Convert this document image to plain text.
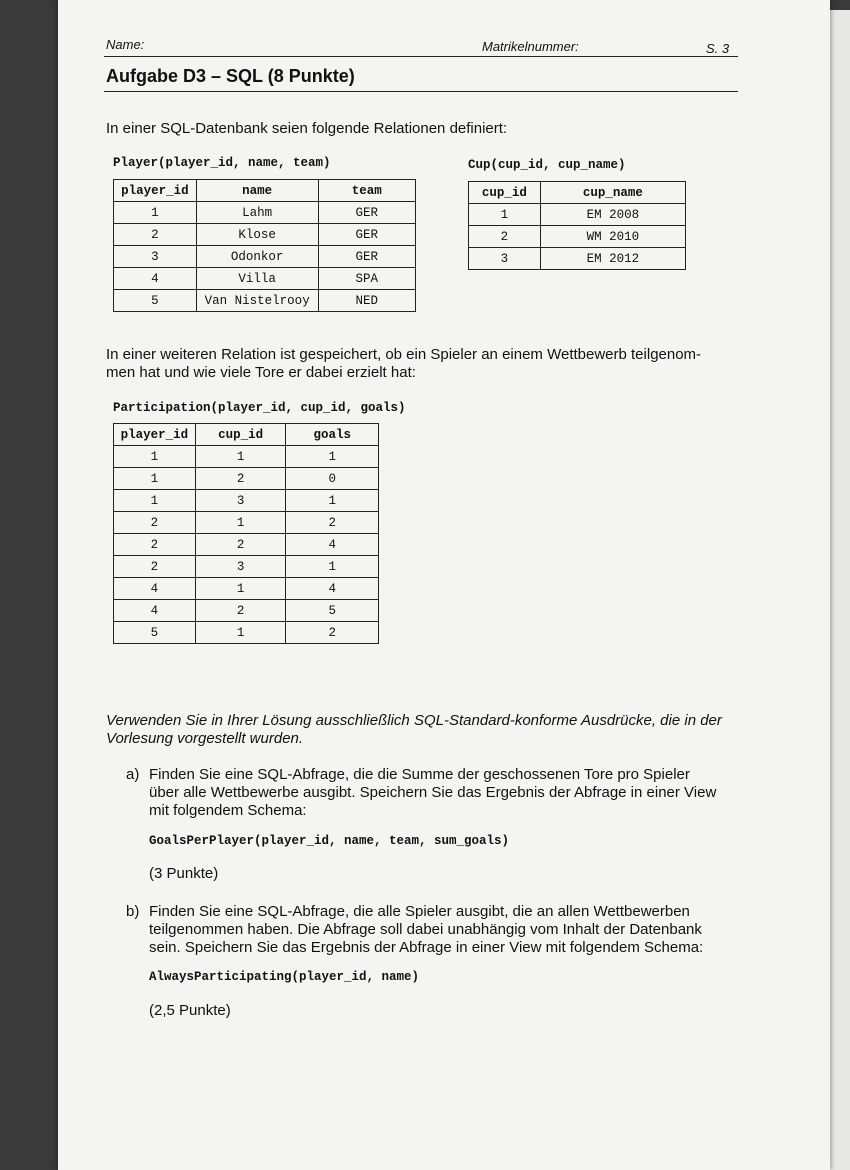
Name:	Matrikelnummer:	S. 3
Aufgabe D3 – SQL (8 Punkte)
In einer SQL-Datenbank seien folgende Relationen definiert:
Player(player_id, name, team)	Cup(cup_id, cup_name)
player_id	name	team
1	Lahm	GER
2	Klose	GER
3	Odonkor	GER
4	Villa	SPA
5	Van Nistelrooy	NED
cup_id	cup_name
1	EM 2008
2	WM 2010
3	EM 2012
In einer weiteren Relation ist gespeichert, ob ein Spieler an einem Wettbewerb teilgenom-
men hat und wie viele Tore er dabei erzielt hat:
Participation(player_id, cup_id, goals)
player_id	cup_id	goals
1	1	1
1	2	0
1	3	1
2	1	2
2	2	4
2	3	1
4	1	4
4	2	5
5	1	2
Verwenden Sie in Ihrer Lösung ausschließlich SQL-Standard-konforme Ausdrücke, die in der
Vorlesung vorgestellt wurden.
a) Finden Sie eine SQL-Abfrage, die die Summe der geschossenen Tore pro Spieler
über alle Wettbewerbe ausgibt. Speichern Sie das Ergebnis der Abfrage in einer View
mit folgendem Schema:
GoalsPerPlayer(player_id, name, team, sum_goals)
(3 Punkte)
b) Finden Sie eine SQL-Abfrage, die alle Spieler ausgibt, die an allen Wettbewerben
teilgenommen haben. Die Abfrage soll dabei unabhängig vom Inhalt der Datenbank
sein. Speichern Sie das Ergebnis der Abfrage in einer View mit folgendem Schema:
AlwaysParticipating(player_id, name)
(2,5 Punkte)
